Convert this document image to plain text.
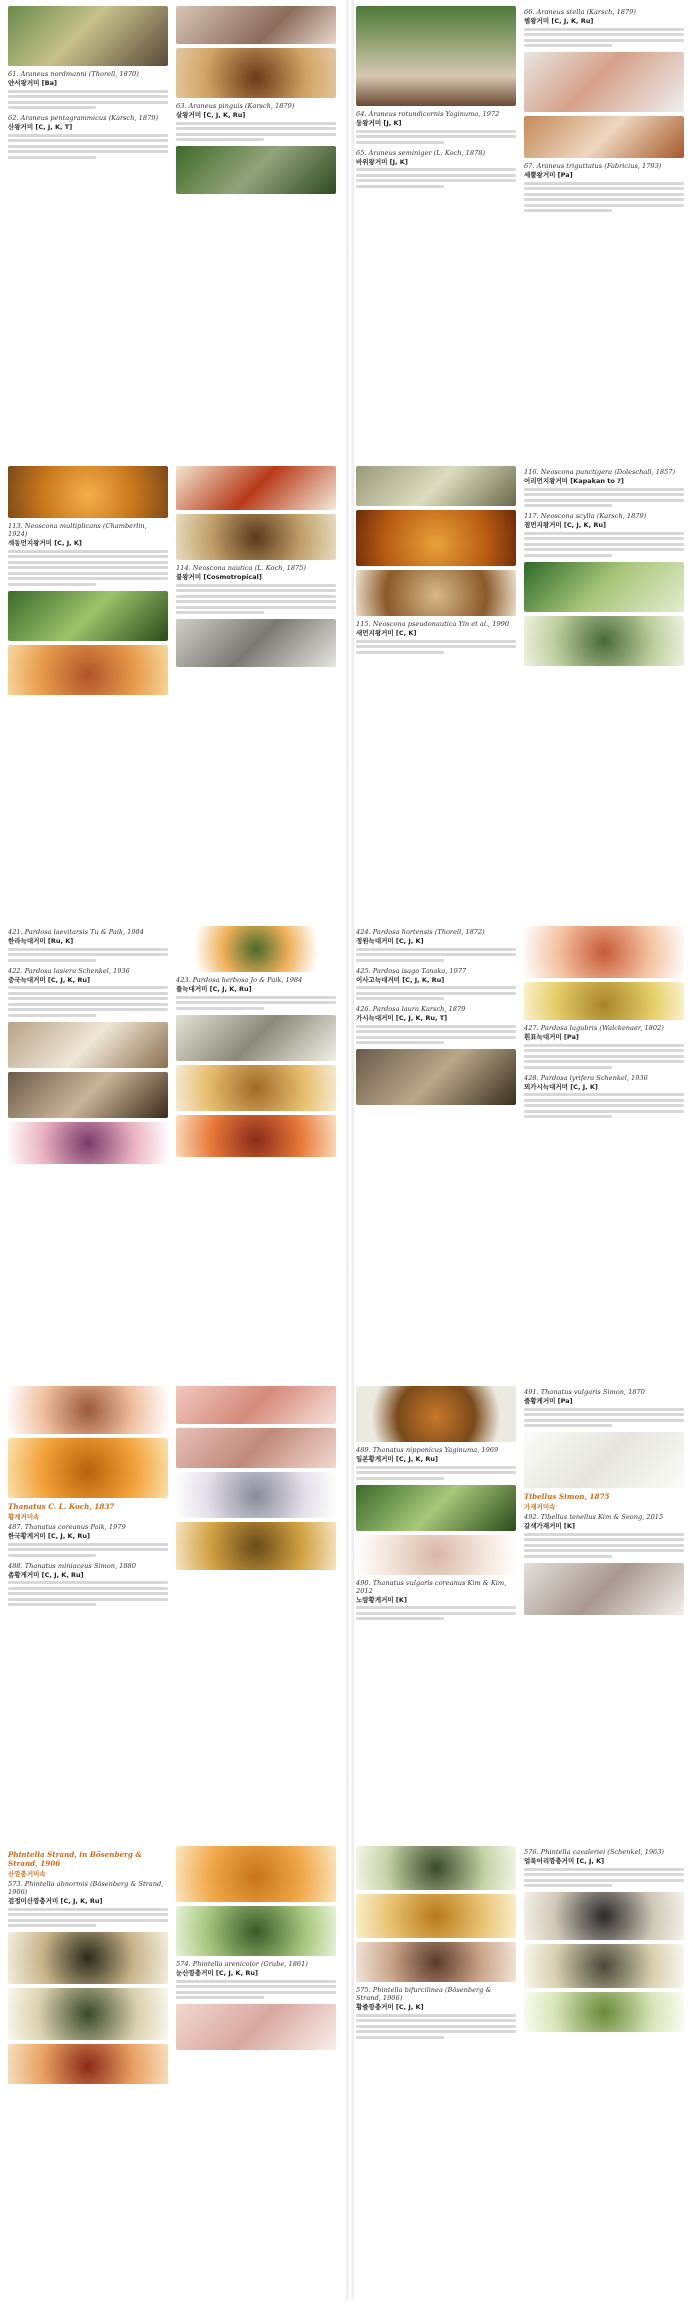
61. Araneus nordmanni (Thorell, 1870)
얀서왕거미 [Ba]
62. Araneus pentagrammicus (Karsch, 1879)
산왕거미 [C, J, K, T]
63. Araneus pinguis (Karsch, 1879)
살왕거미 [C, J, K, Ru]	64. Araneus rotundicornis Yaginuma, 1972
둥왕거미 [J, K]
65. Araneus seminiger (L. Koch, 1878)
바위왕거미 [J, K]
66. Araneus stella (Karsch, 1879)
별왕거미 [C, J, K, Ru]
67. Araneus triguttatus (Fabricius, 1793)
세뿔왕거미 [Pa]
113. Neoscona multiplicans (Chamberlin, 1924)
색동먼지왕거미 [C, J, K]
114. Neoscona nautica (L. Koch, 1875)
불왕거미 [Cosmotropical]
115. Neoscona pseudonautica Yin et al., 1990
새먼지왕거미 [C, K]
116. Neoscona punctigera (Doleschall, 1857)
어리먼지왕거미 [Kapakan to ?]
117. Neoscona scylla (Karsch, 1879)
점먼지왕거미 [C, J, K, Ru]
421. Pardosa laevitarsis Tu & Paik, 1984
한라늑대거미 [Ru, K]
422. Pardosa lasiera Schenkel, 1936
중국늑대거미 [C, J, K, Ru]	423. Pardosa herbosa Jo & Paik, 1984
풀늑대거미 [C, J, K, Ru]
424. Pardosa hortensis (Thorell, 1872)
정원늑대거미 [C, J, K]
425. Pardosa isago Tanaka, 1977
이사고늑대거미 [C, J, K, Ru]
426. Pardosa laura Karsch, 1879
가시늑대거미 [C, J, K, Ru, T]
427. Pardosa lugubris (Walckenaer, 1802)
흰표늑대거미 [Pa]
428. Pardosa lyrifera Schenkel, 1936
뫼가시늑대거미 [C, J, K]
Thanatus C. L. Koch, 1837
황게거미속
487. Thanatus coreanus Paik, 1979
한국황게거미 [C, J, K, Ru]
488. Thanatus miniaceus Simon, 1880
좀황게거미 [C, J, K, Ru]
489. Thanatus nipponicus Yaginuma, 1969
일본황게거미 [C, J, K, Ru]
490. Thanatus vulgaris coreanus Kim & Kim, 2012
노랑황게거미 [K]
491. Thanatus vulgaris Simon, 1870
줄황게거미 [Pa]
Tibellus Simon, 1875
가재거미속
492. Tibellus tenellus Kim & Seong, 2015
갈색가재거미 [K]
Phintella Strand, in Bösenberg & Strand, 1906
산깡충거미속
573. Phintella abnormis (Bösenberg & Strand, 1906)
검정미산깡충거미 [C, J, K, Ru]
574. Phintella arenicolor (Grube, 1861)
눈산깡충거미 [C, J, K, Ru]
575. Phintella bifurcilinea (Bösenberg & Strand, 1906)
황줄깡충거미 [C, J, K]
576. Phintella cavaleriei (Schenkel, 1963)
얼룩어리깡충거미 [C, J, K]
